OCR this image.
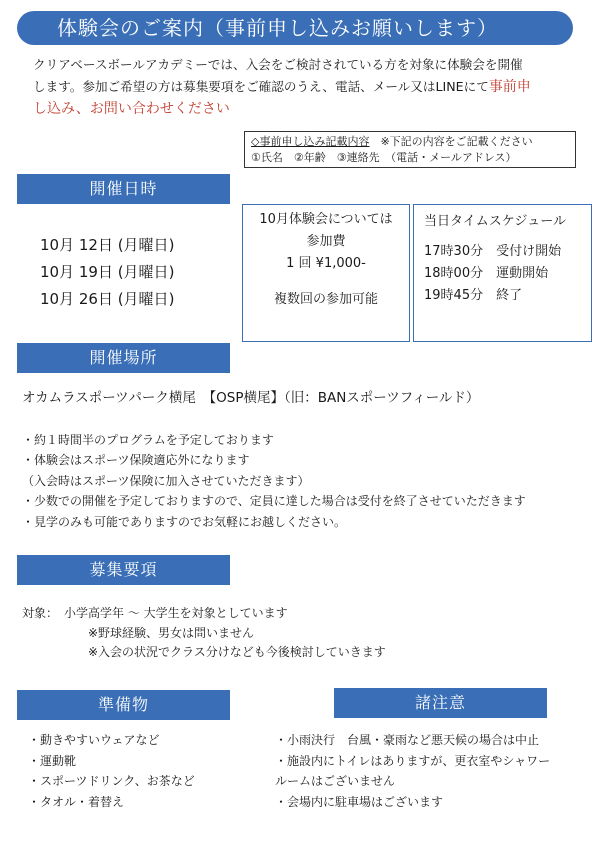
体験会のご案内（事前申し込みお願いします）
クリアベースボールアカデミーでは、入会をご検討されている方を対象に体験会を開催
します。参加ご希望の方は募集要項をご確認のうえ、電話、メール又はLINEにて事前申
し込み、お問い合わせください
◇事前申し込み記載内容　※下記の内容をご記載ください
①氏名　②年齢　③連絡先　（電話・メールアドレス）
開催日時
10月 12日 (月曜日)
10月 19日 (月曜日)
10月 26日 (月曜日)
10月体験会については
参加費
1 回 ¥1,000-
複数回の参加可能
当日タイムスケジュール
17時30分　受付け開始
18時00分　運動開始
19時45分　終了
開催場所
オカムラスポーツパーク横尾　【OSP横尾】（旧：BANスポーツフィールド）
・約１時間半のプログラムを予定しております
・体験会はスポーツ保険適応外になります
（入会時はスポーツ保険に加入させていただきます）
・少数での開催を予定しておりますので、定員に達した場合は受付を終了させていただきます
・見学のみも可能でありますのでお気軽にお越しください。
募集要項
対象：　小学高学年 〜 大学生を対象としています
※野球経験、男女は問いません
※入会の状況でクラス分けなども今後検討していきます
準備物	諸注意
・動きやすいウェアなど
・運動靴
・スポーツドリンク、お茶など
・タオル・着替え
・小雨決行　台風・豪雨など悪天候の場合は中止
・施設内にトイレはありますが、更衣室やシャワー
ルームはございません
・会場内に駐車場はございます
